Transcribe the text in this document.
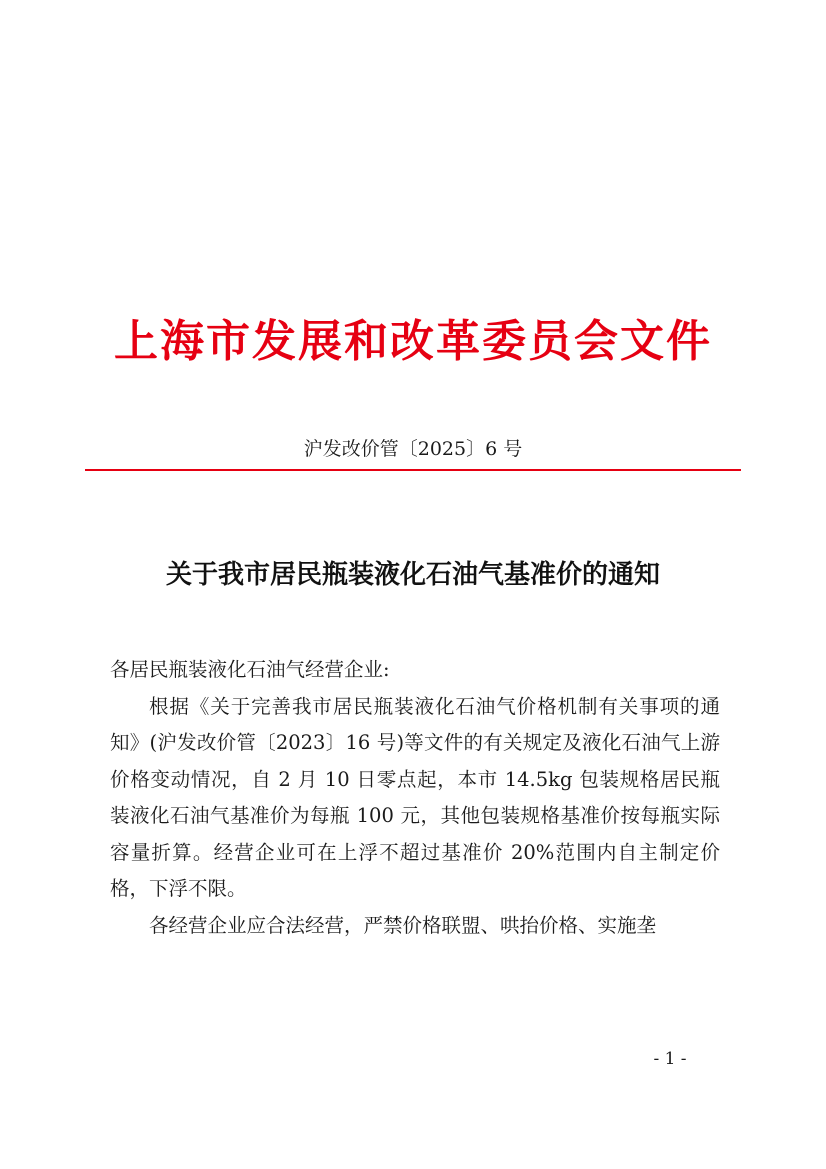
上海市发展和改革委员会文件
沪发改价管〔2025〕6 号
关于我市居民瓶装液化石油气基准价的通知

各居民瓶装液化石油气经营企业:

根据《关于完善我市居民瓶装液化石油气价格机制有关事项的通知》(沪发改价管〔2023〕16 号)等文件的有关规定及液化石油气上游价格变动情况，自 2 月 10 日零点起，本市 14.5kg 包装规格居民瓶装液化石油气基准价为每瓶 100 元，其他包装规格基准价按每瓶实际容量折算。经营企业可在上浮不超过基准价 20%范围内自主制定价格，下浮不限。

各经营企业应合法经营，严禁价格联盟、哄抬价格、实施垄

- 1 -
